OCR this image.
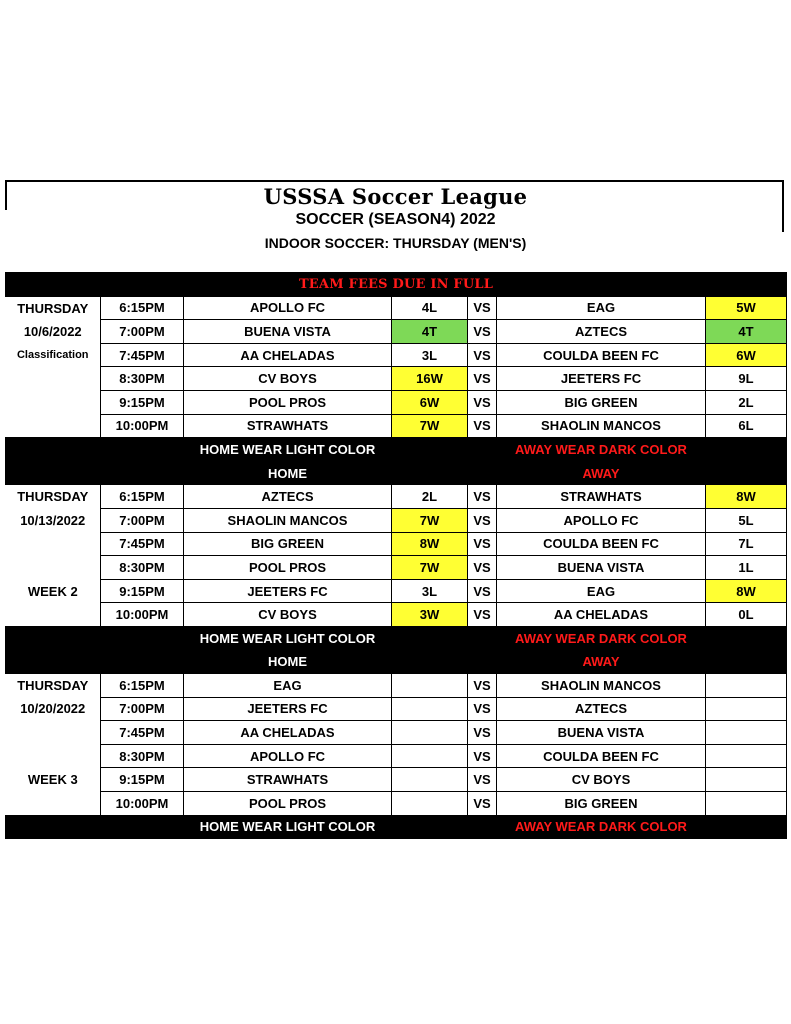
USSSA Soccer League
SOCCER (SEASON4) 2022
INDOOR SOCCER: THURSDAY (MEN'S)
TEAM FEES DUE IN FULL						
THURSDAY	6:15PM	APOLLO FC	4L	VS	EAG	5W
10/6/2022	7:00PM	BUENA VISTA	4T	VS	AZTECS	4T
Classification	7:45PM	AA CHELADAS	3L	VS	COULDA BEEN FC	6W
	8:30PM	CV BOYS	16W	VS	JEETERS FC	9L
	9:15PM	POOL PROS	6W	VS	BIG GREEN	2L
	10:00PM	STRAWHATS	7W	VS	SHAOLIN MANCOS	6L
		HOME WEAR LIGHT COLOR			AWAY WEAR DARK COLOR	
		HOME			AWAY	
THURSDAY	6:15PM	AZTECS	2L	VS	STRAWHATS	8W
10/13/2022	7:00PM	SHAOLIN MANCOS	7W	VS	APOLLO FC	5L
	7:45PM	BIG GREEN	8W	VS	COULDA BEEN FC	7L
	8:30PM	POOL PROS	7W	VS	BUENA VISTA	1L
WEEK 2	9:15PM	JEETERS FC	3L	VS	EAG	8W
	10:00PM	CV BOYS	3W	VS	AA CHELADAS	0L
		HOME WEAR LIGHT COLOR			AWAY WEAR DARK COLOR	
		HOME			AWAY	
THURSDAY	6:15PM	EAG		VS	SHAOLIN MANCOS	
10/20/2022	7:00PM	JEETERS FC		VS	AZTECS	
	7:45PM	AA CHELADAS		VS	BUENA VISTA	
	8:30PM	APOLLO FC		VS	COULDA BEEN FC	
WEEK 3	9:15PM	STRAWHATS		VS	CV BOYS	
	10:00PM	POOL PROS		VS	BIG GREEN	
		HOME WEAR LIGHT COLOR			AWAY WEAR DARK COLOR	
